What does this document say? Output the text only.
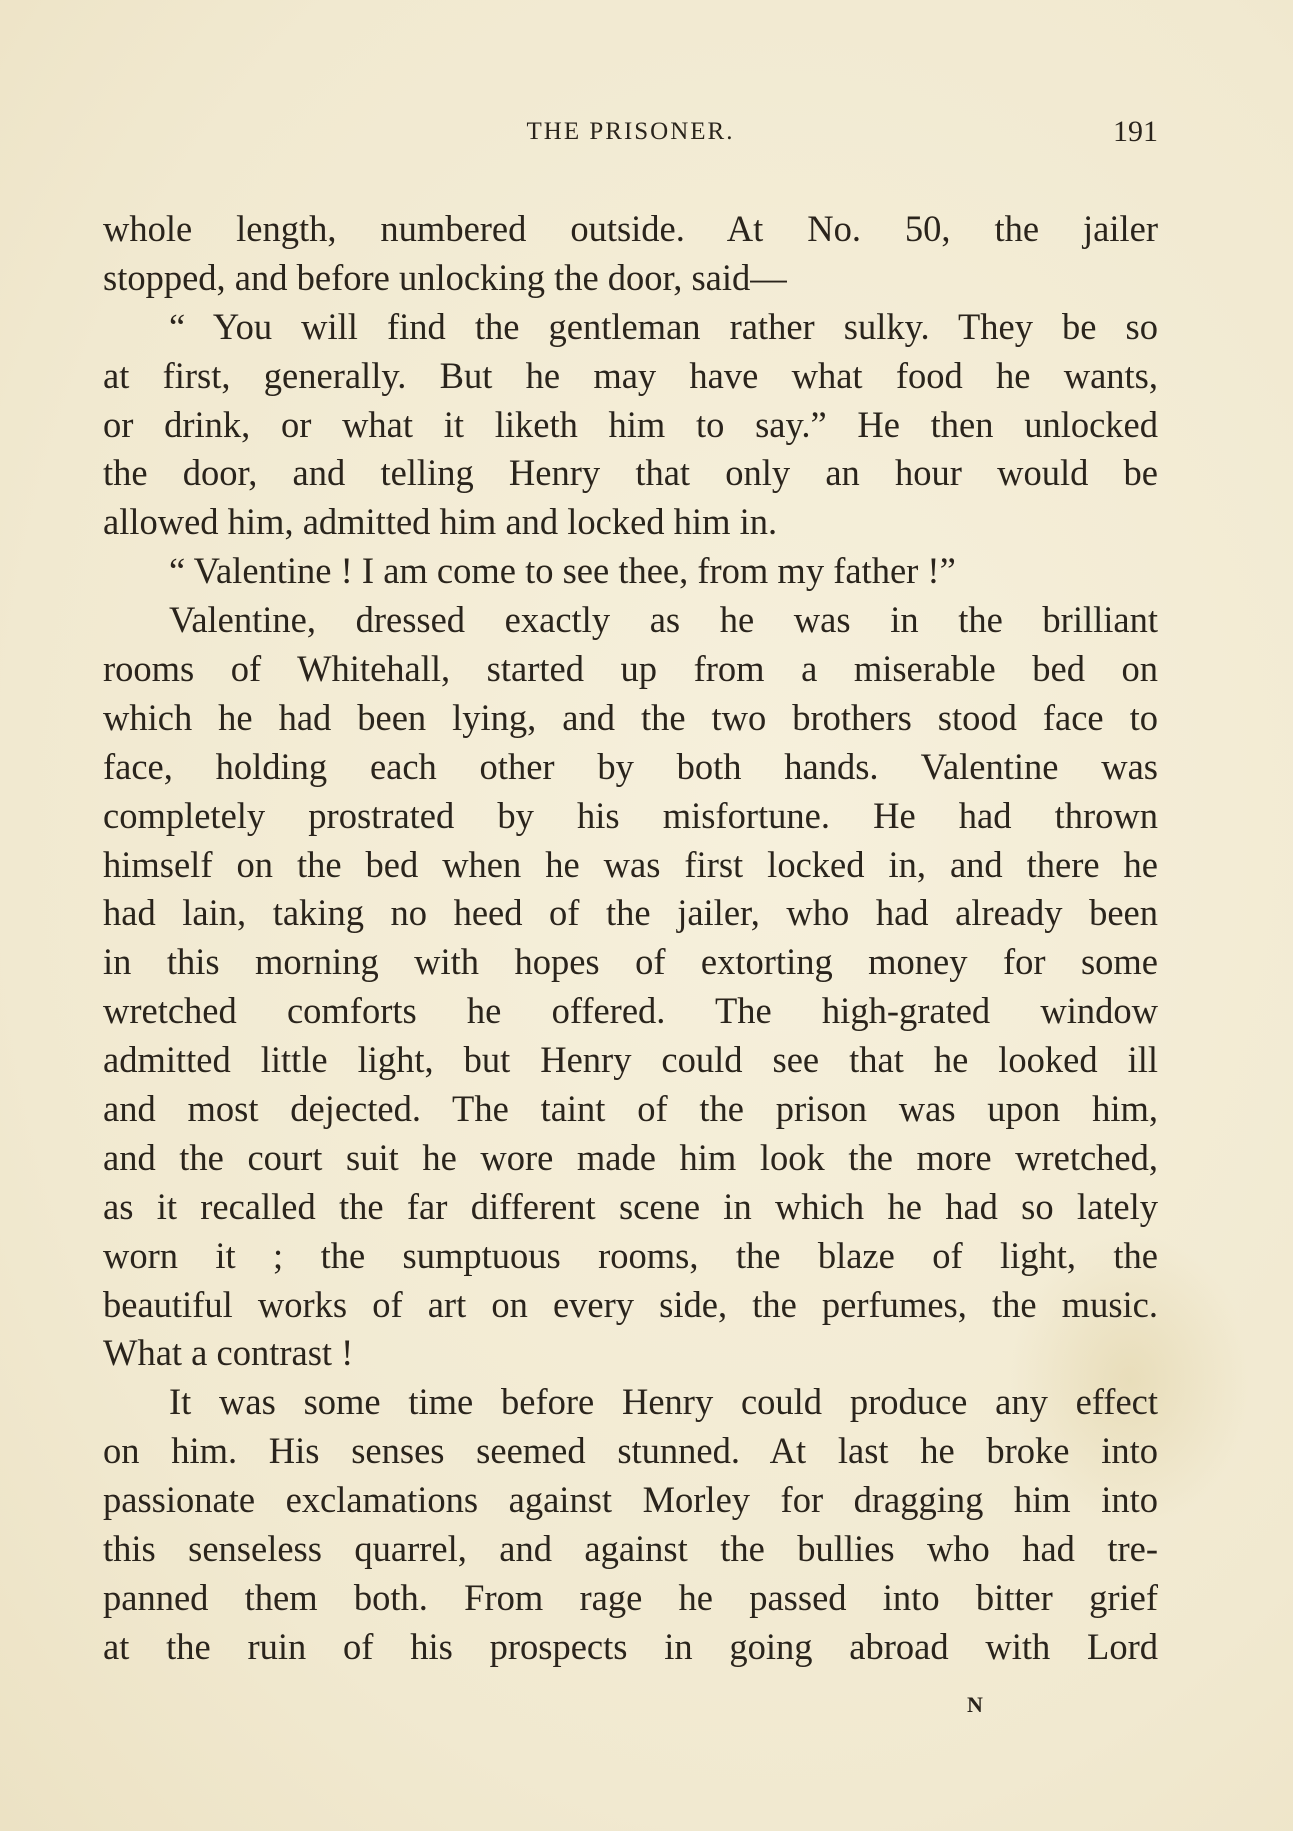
THE PRISONER.	191
whole length, numbered outside. At No. 50, the jailer
stopped, and before unlocking the door, said—
“ You will find the gentleman rather sulky. They be so
at first, generally. But he may have what food he wants,
or drink, or what it liketh him to say.” He then unlocked
the door, and telling Henry that only an hour would be
allowed him, admitted him and locked him in.
“ Valentine ! I am come to see thee, from my father !”
Valentine, dressed exactly as he was in the brilliant
rooms of Whitehall, started up from a miserable bed on
which he had been lying, and the two brothers stood face to
face, holding each other by both hands. Valentine was
completely prostrated by his misfortune. He had thrown
himself on the bed when he was first locked in, and there he
had lain, taking no heed of the jailer, who had already been
in this morning with hopes of extorting money for some
wretched comforts he offered. The high-grated window
admitted little light, but Henry could see that he looked ill
and most dejected. The taint of the prison was upon him,
and the court suit he wore made him look the more wretched,
as it recalled the far different scene in which he had so lately
worn it ; the sumptuous rooms, the blaze of light, the
beautiful works of art on every side, the perfumes, the music.
What a contrast !
It was some time before Henry could produce any effect
on him. His senses seemed stunned. At last he broke into
passionate exclamations against Morley for dragging him into
this senseless quarrel, and against the bullies who had tre-
panned them both. From rage he passed into bitter grief
at the ruin of his prospects in going abroad with Lord
N
